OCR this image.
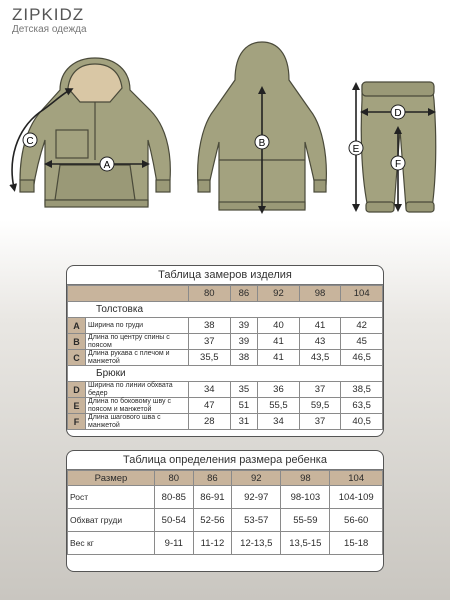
ZIPKIDZ
Детская одежда
A
C	B
D
E
F
Таблица замеров изделия
		80	86	92	98	104
Толстовка						
A	Ширина по груди	38	39	40	41	42
B	Длина по центру спины с поясом	37	39	41	43	45
C	Длина рукава с плечом и манжетой	35,5	38	41	43,5	46,5
Брюки						
D	Ширина по линии обхвата бедер	34	35	36	37	38,5
E	Длина по боковому шву с поясом и манжетой	47	51	55,5	59,5	63,5
F	Длина шагового шва с манжетой	28	31	34	37	40,5
Таблица определения размера ребенка
Размер	80	86	92	98	104
Рост	80-85	86-91	92-97	98-103	104-109
Обхват груди	50-54	52-56	53-57	55-59	56-60
Вес кг	9-11	11-12	12-13,5	13,5-15	15-18
